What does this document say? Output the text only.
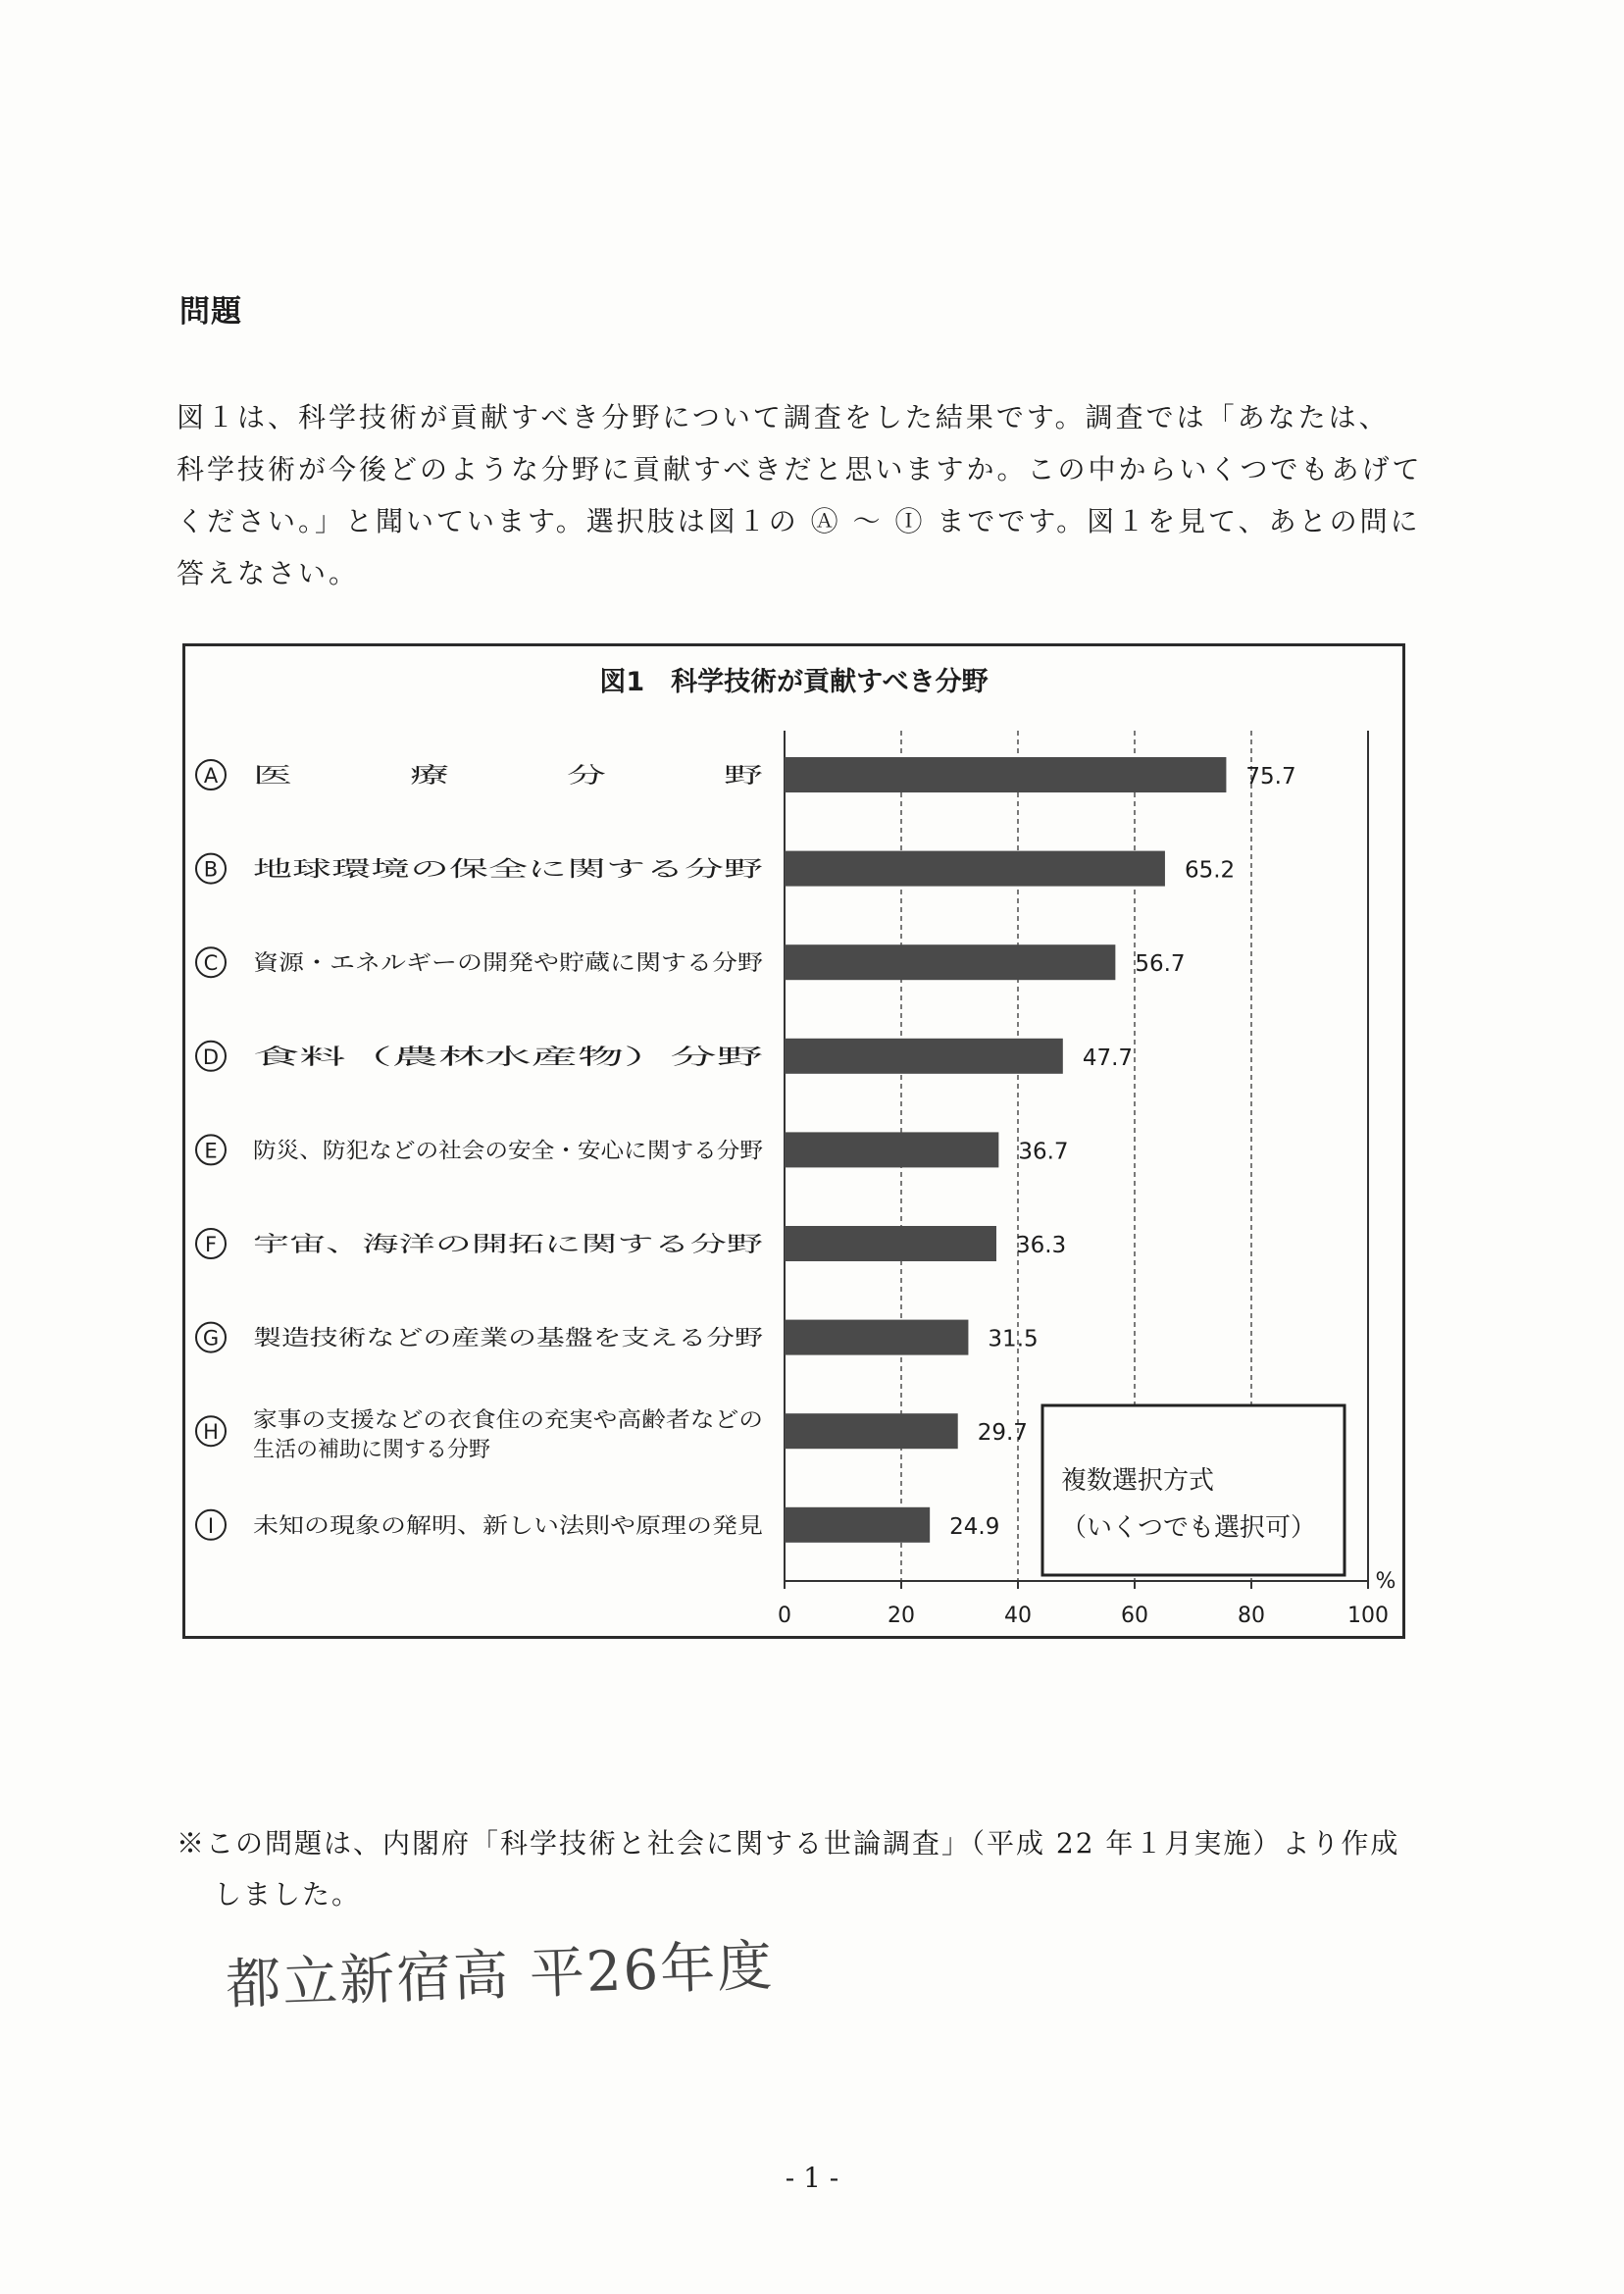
問題
図１は、科学技術が貢献すべき分野について調査をした結果です。調査では「あなたは、
科学技術が今後どのような分野に貢献すべきだと思いますか。この中からいくつでもあげて
ください。」と聞いています。選択肢は図１の Ⓐ ～ Ⓘ までです。図１を見て、あとの問に
答えなさい。
図1　科学技術が貢献すべき分野
75.7
65.2
56.7
47.7
36.7
36.3
31.5
29.7
24.9
A 医　　　療　　　分　　　野
B 地球環境の保全に関する分野
C 資源・エネルギーの開発や貯蔵に関する分野
D 食料（農林水産物）分野
E 防災、防犯などの社会の安全・安心に関する分野
F 宇宙、海洋の開拓に関する分野
G 製造技術などの産業の基盤を支える分野
H 家事の支援などの衣食住の充実や高齢者などの
生活の補助に関する分野
I 未知の現象の解明、新しい法則や原理の発見
0	20	40	60	80	100
%
複数選択方式
（いくつでも選択可）
※この問題は、内閣府「科学技術と社会に関する世論調査」（平成 22 年１月実施）より作成
しました。
都立新宿高 平26年度
- 1 -
